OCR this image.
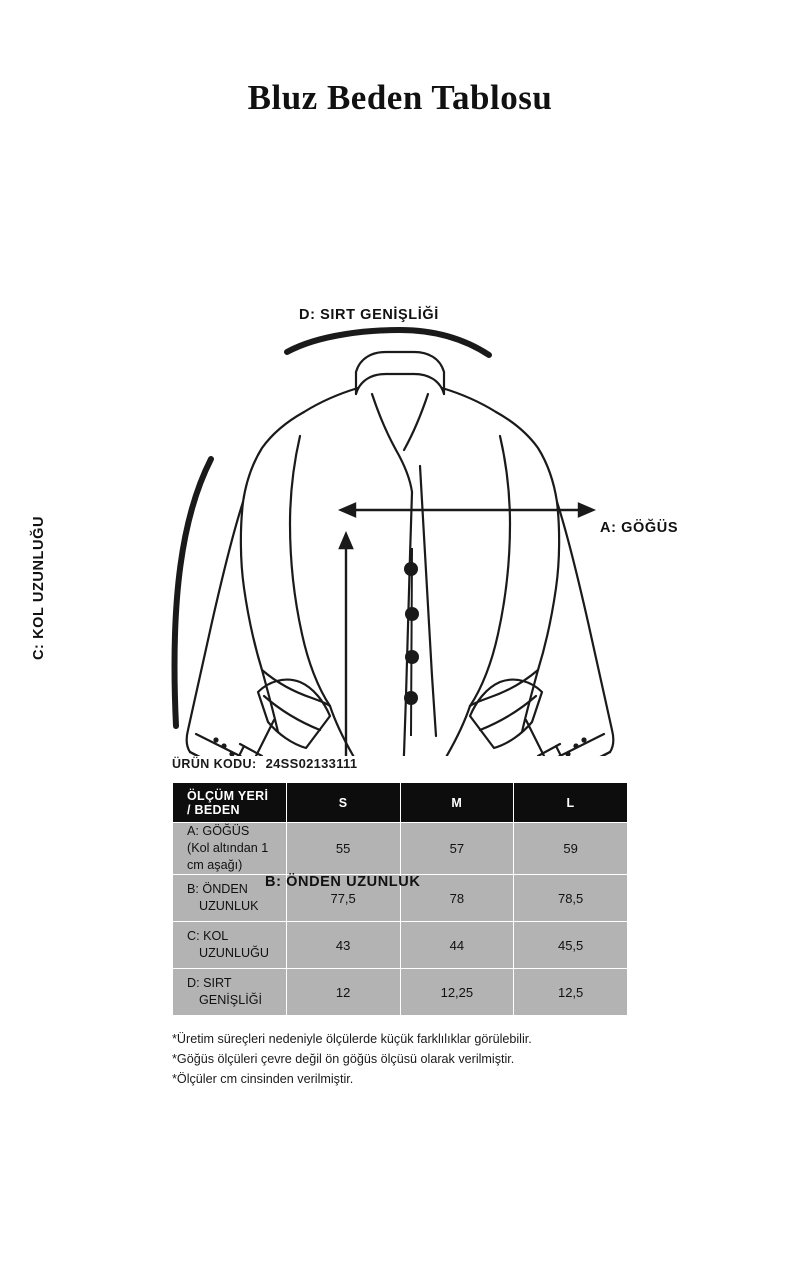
Bluz Beden Tablosu
D: SIRT GENİŞLİĞİ
A: GÖĞÜS
B: ÖNDEN UZUNLUK
C: KOL UZUNLUĞU
ÜRÜN KODU: 24SS02133111
ÖLÇÜM YERİ / BEDEN	S	M	L

A: GÖĞÜS
(Kol altından 1 cm aşağı)	55	57	59

B: ÖNDEN
UZUNLUK	77,5	78	78,5

C: KOL
UZUNLUĞU	43	44	45,5

D: SIRT
GENİŞLİĞİ	12	12,25	12,5
*Üretim süreçleri nedeniyle ölçülerde küçük farklılıklar görülebilir.
*Göğüs ölçüleri çevre değil ön göğüs ölçüsü olarak verilmiştir.
*Ölçüler cm cinsinden verilmiştir.
